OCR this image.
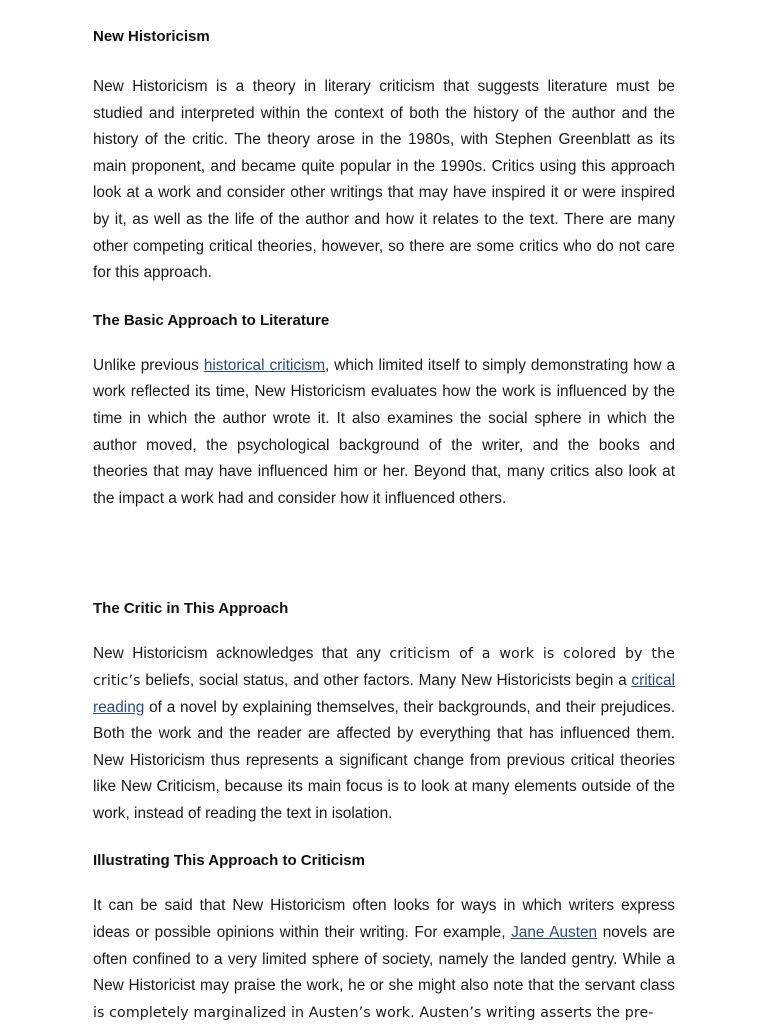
New Historicism

New Historicism is a theory in literary criticism that suggests literature must be studied and interpreted within the context of both the history of the author and the history of the critic. The theory arose in the 1980s, with Stephen Greenblatt as its main proponent, and became quite popular in the 1990s. Critics using this approach look at a work and consider other writings that may have inspired it or were inspired by it, as well as the life of the author and how it relates to the text. There are many other competing critical theories, however, so there are some critics who do not care for this approach.

The Basic Approach to Literature

Unlike previous historical criticism, which limited itself to simply demonstrating how a work reflected its time, New Historicism evaluates how the work is influenced by the time in which the author wrote it. It also examines the social sphere in which the author moved, the psychological background of the writer, and the books and theories that may have influenced him or her. Beyond that, many critics also look at the impact a work had and consider how it influenced others.

The Critic in This Approach

New Historicism acknowledges that any criticism of a work is colored by the critic’s beliefs, social status, and other factors. Many New Historicists begin a critical reading of a novel by explaining themselves, their backgrounds, and their prejudices. Both the work and the reader are affected by everything that has influenced them. New Historicism thus represents a significant change from previous critical theories like New Criticism, because its main focus is to look at many elements outside of the work, instead of reading the text in isolation.

Illustrating This Approach to Criticism

It can be said that New Historicism often looks for ways in which writers express ideas or possible opinions within their writing. For example, Jane Austen novels are often confined to a very limited sphere of society, namely the landed gentry. While a New Historicist may praise the work, he or she might also note that the servant class is completely marginalized in Austen’s work. Austen’s writing asserts the pre-
